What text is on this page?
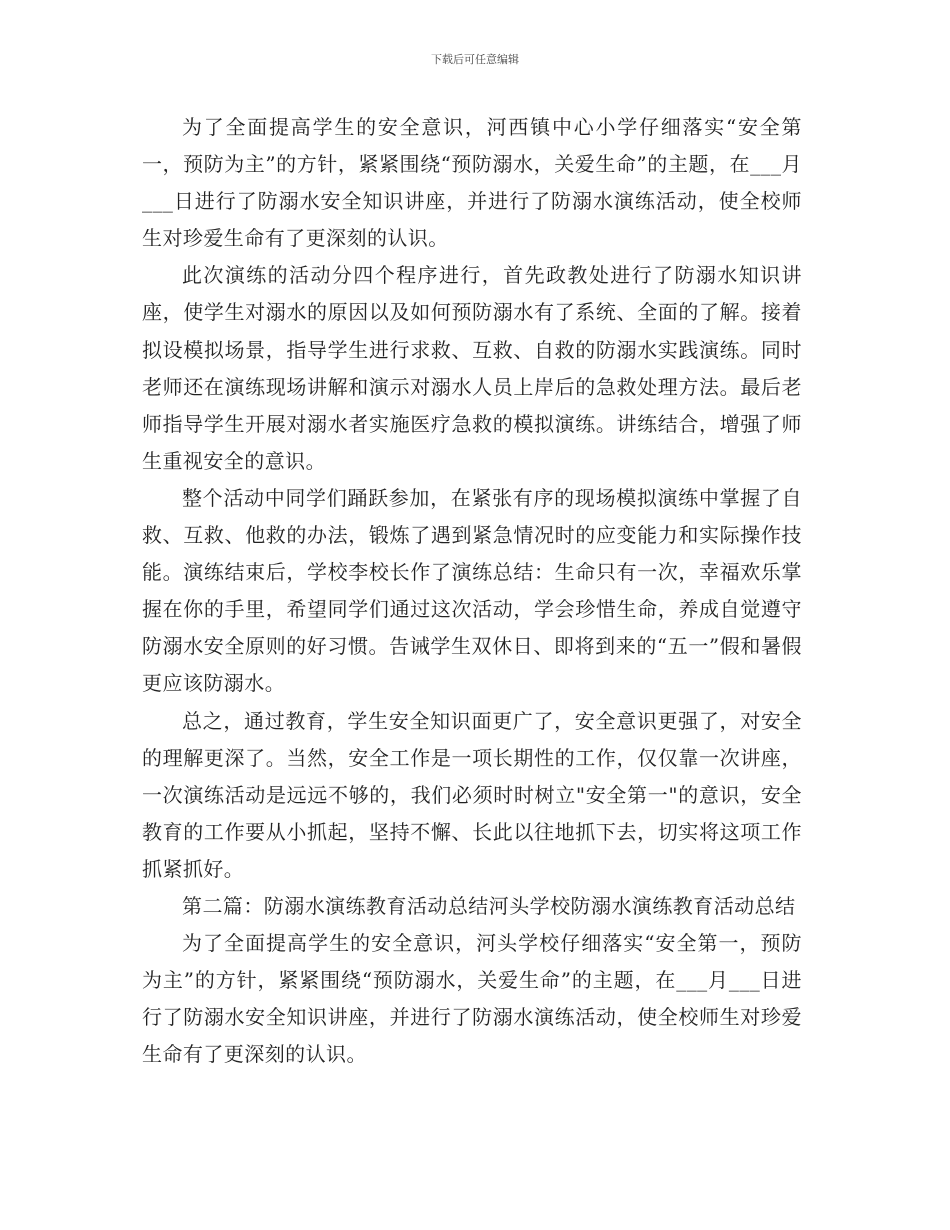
下载后可任意编辑

为了全面提高学生的安全意识，河西镇中心小学仔细落实“安全第一，预防为主”的方针，紧紧围绕“预防溺水，关爱生命”的主题，在___月___日进行了防溺水安全知识讲座，并进行了防溺水演练活动，使全校师生对珍爱生命有了更深刻的认识。

此次演练的活动分四个程序进行，首先政教处进行了防溺水知识讲座，使学生对溺水的原因以及如何预防溺水有了系统、全面的了解。接着拟设模拟场景，指导学生进行求救、互救、自救的防溺水实践演练。同时老师还在演练现场讲解和演示对溺水人员上岸后的急救处理方法。最后老师指导学生开展对溺水者实施医疗急救的模拟演练。讲练结合，增强了师生重视安全的意识。

整个活动中同学们踊跃参加，在紧张有序的现场模拟演练中掌握了自救、互救、他救的办法，锻炼了遇到紧急情况时的应变能力和实际操作技能。演练结束后，学校李校长作了演练总结：生命只有一次，幸福欢乐掌握在你的手里，希望同学们通过这次活动，学会珍惜生命，养成自觉遵守防溺水安全原则的好习惯。告诫学生双休日、即将到来的“五一”假和暑假更应该防溺水。

总之，通过教育，学生安全知识面更广了，安全意识更强了，对安全的理解更深了。当然，安全工作是一项长期性的工作，仅仅靠一次讲座，一次演练活动是远远不够的，我们必须时时树立"安全第一"的意识，安全教育的工作要从小抓起，坚持不懈、长此以往地抓下去，切实将这项工作抓紧抓好。

第二篇：防溺水演练教育活动总结河头学校防溺水演练教育活动总结

为了全面提高学生的安全意识，河头学校仔细落实“安全第一，预防为主”的方针，紧紧围绕“预防溺水，关爱生命”的主题，在___月___日进行了防溺水安全知识讲座，并进行了防溺水演练活动，使全校师生对珍爱生命有了更深刻的认识。
